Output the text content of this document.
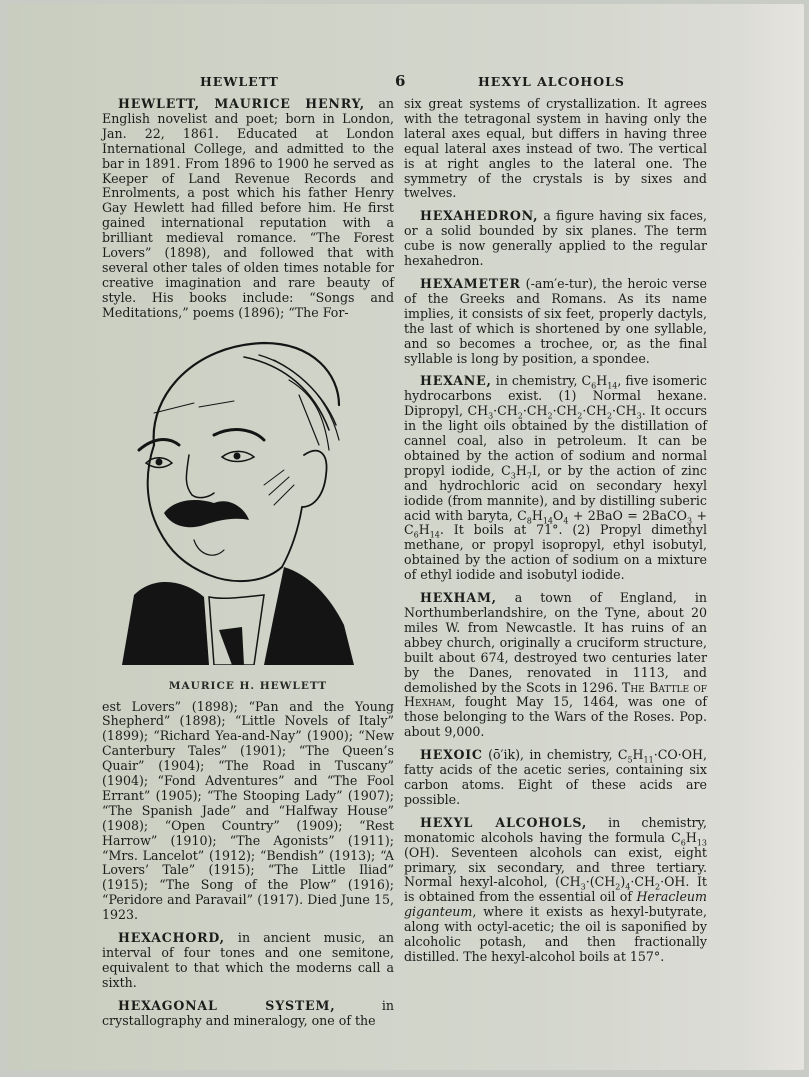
HEWLETT	6	HEXYL ALCOHOLS

HEWLETT, MAURICE HENRY, an English novelist and poet; born in London, Jan. 22, 1861. Educated at London International College, and admitted to the bar in 1891. From 1896 to 1900 he served as Keeper of Land Revenue Records and Enrolments, a post which his father Henry Gay Hewlett had filled before him. He first gained international reputation with a brilliant medieval romance. “The Forest Lovers” (1898), and followed that with several other tales of olden times notable for creative imagination and rare beauty of style. His books include: “Songs and Meditations,” poems (1896); “The For-

MAURICE H. HEWLETT

est Lovers” (1898); “Pan and the Young Shepherd” (1898); “Little Novels of Italy” (1899); “Richard Yea-and-Nay” (1900); “New Canterbury Tales” (1901); “The Queen’s Quair” (1904); “The Road in Tuscany” (1904); “Fond Adventures” and “The Fool Errant” (1905); “The Stooping Lady” (1907); “The Spanish Jade” and “Halfway House” (1908); “Open Country” (1909); “Rest Harrow” (1910); “The Agonists” (1911); “Mrs. Lancelot” (1912); “Bendish” (1913); “A Lovers’ Tale” (1915); “The Little Iliad” (1915); “The Song of the Plow” (1916); “Peridore and Paravail” (1917). Died June 15, 1923.

HEXACHORD, in ancient music, an interval of four tones and one semitone, equivalent to that which the moderns call a sixth.

HEXAGONAL SYSTEM, in crystallography and mineralogy, one of the

six great systems of crystallization. It agrees with the tetragonal system in having only the lateral axes equal, but differs in having three equal lateral axes instead of two. The vertical is at right angles to the lateral one. The symmetry of the crystals is by sixes and twelves.

HEXAHEDRON, a figure having six faces, or a solid bounded by six planes. The term cube is now generally applied to the regular hexahedron.

HEXAMETER (-am′e-tur), the heroic verse of the Greeks and Romans. As its name implies, it consists of six feet, properly dactyls, the last of which is shortened by one syllable, and so becomes a trochee, or, as the final syllable is long by position, a spondee.

HEXANE, in chemistry, $C_6H_{14}$, five isomeric hydrocarbons exist. (1) Normal hexane. Dipropyl, $CH_3\cdot CH_2\cdot CH_2\cdot CH_2\cdot CH_2\cdot CH_3$. It occurs in the light oils obtained by the distillation of cannel coal, also in petroleum. It can be obtained by the action of sodium and normal propyl iodide, $C_3H_7I$, or by the action of zinc and hydrochloric acid on secondary hexyl iodide (from mannite), and by distilling suberic acid with baryta, $C_8H_{14}O_4 + 2BaO$ = 2BaCO$_3$ + $C_6H_{14}$. It boils at 71°. (2) Propyl dimethyl methane, or propyl isopropyl, ethyl isobutyl, obtained by the action of sodium on a mixture of ethyl iodide and isobutyl iodide.

HEXHAM, a town of England, in Northumberlandshire, on the Tyne, about 20 miles W. from Newcastle. It has ruins of an abbey church, originally a cruciform structure, built about 674, destroyed two centuries later by the Danes, renovated in 1113, and demolished by the Scots in 1296. The Battle of Hexham, fought May 15, 1464, was one of those belonging to the Wars of the Roses. Pop. about 9,000.

HEXOIC (ō′ik), in chemistry, $C_5H_{11}\cdot CO\cdot OH$, fatty acids of the acetic series, containing six carbon atoms. Eight of these acids are possible.

HEXYL ALCOHOLS, in chemistry, monatomic alcohols having the formula $C_6H_{13}$ (OH). Seventeen alcohols can exist, eight primary, six secondary, and three tertiary. Normal hexyl-alcohol, ($CH_3\cdot(CH_2)_4\cdot CH_2\cdot OH$. It is obtained from the essential oil of Heracleum giganteum, where it exists as hexyl-butyrate, along with octyl-acetic; the oil is saponified by alcoholic potash, and then fractionally distilled. The hexyl-alcohol boils at 157°.
